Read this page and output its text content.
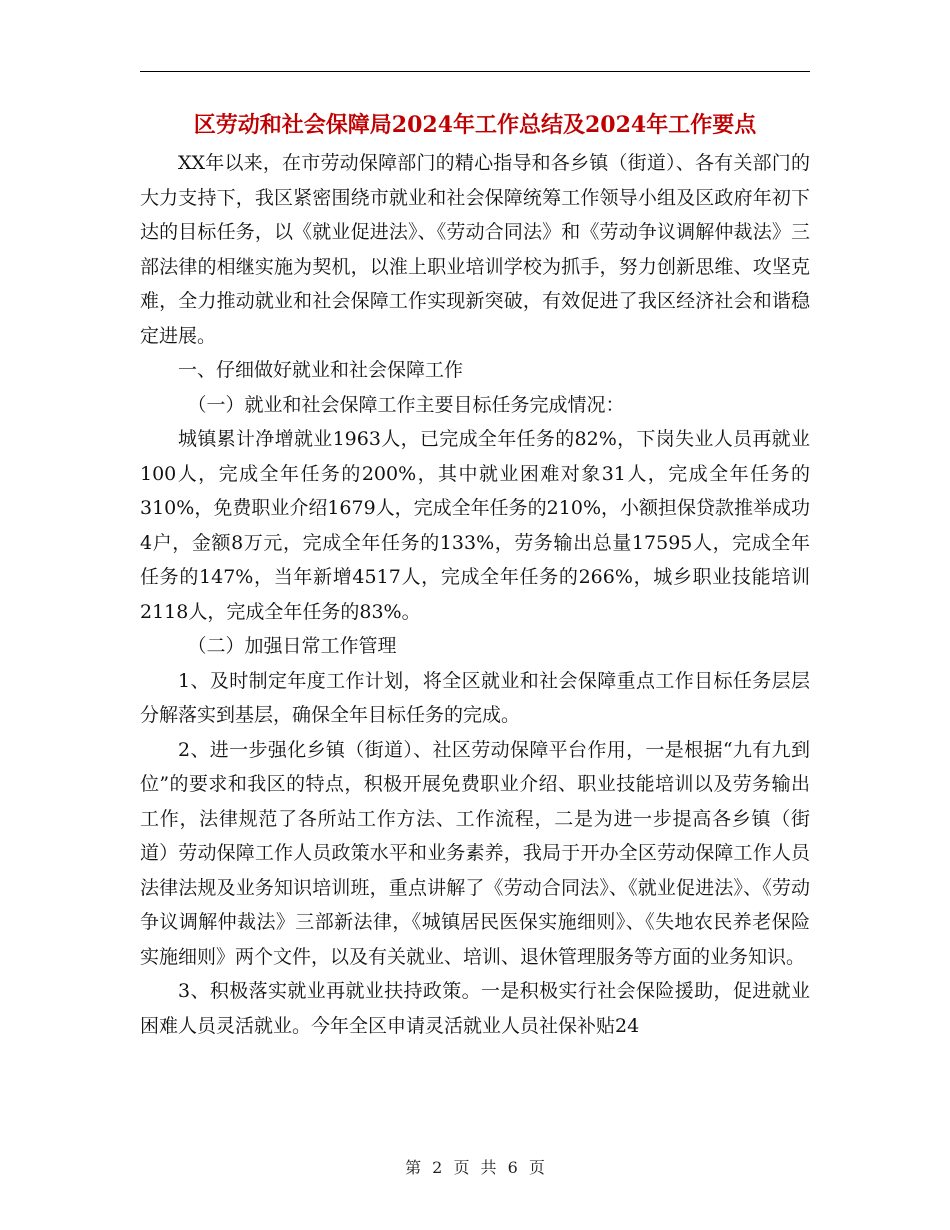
区劳动和社会保障局2024年工作总结及2024年工作要点

XX年以来，在市劳动保障部门的精心指导和各乡镇（街道）、各有关部门的大力支持下，我区紧密围绕市就业和社会保障统筹工作领导小组及区政府年初下达的目标任务，以《就业促进法》、《劳动合同法》和《劳动争议调解仲裁法》三部法律的相继实施为契机，以淮上职业培训学校为抓手，努力创新思维、攻坚克难，全力推动就业和社会保障工作实现新突破，有效促进了我区经济社会和谐稳定进展。

一、仔细做好就业和社会保障工作

（一）就业和社会保障工作主要目标任务完成情况：

城镇累计净增就业1963人，已完成全年任务的82%，下岗失业人员再就业100人，完成全年任务的200%，其中就业困难对象31人，完成全年任务的310%，免费职业介绍1679人，完成全年任务的210%，小额担保贷款推举成功4户，金额8万元，完成全年任务的133%，劳务输出总量17595人，完成全年任务的147%，当年新增4517人，完成全年任务的266%，城乡职业技能培训2118人，完成全年任务的83%。

（二）加强日常工作管理

1、及时制定年度工作计划，将全区就业和社会保障重点工作目标任务层层分解落实到基层，确保全年目标任务的完成。

2、进一步强化乡镇（街道）、社区劳动保障平台作用，一是根据“九有九到位”的要求和我区的特点，积极开展免费职业介绍、职业技能培训以及劳务输出工作，法律规范了各所站工作方法、工作流程，二是为进一步提高各乡镇（街道）劳动保障工作人员政策水平和业务素养，我局于开办全区劳动保障工作人员法律法规及业务知识培训班，重点讲解了《劳动合同法》、《就业促进法》、《劳动争议调解仲裁法》三部新法律，《城镇居民医保实施细则》、《失地农民养老保险实施细则》两个文件，以及有关就业、培训、退休管理服务等方面的业务知识。

3、积极落实就业再就业扶持政策。一是积极实行社会保险援助，促进就业困难人员灵活就业。今年全区申请灵活就业人员社保补贴24

第 2 页 共 6 页
